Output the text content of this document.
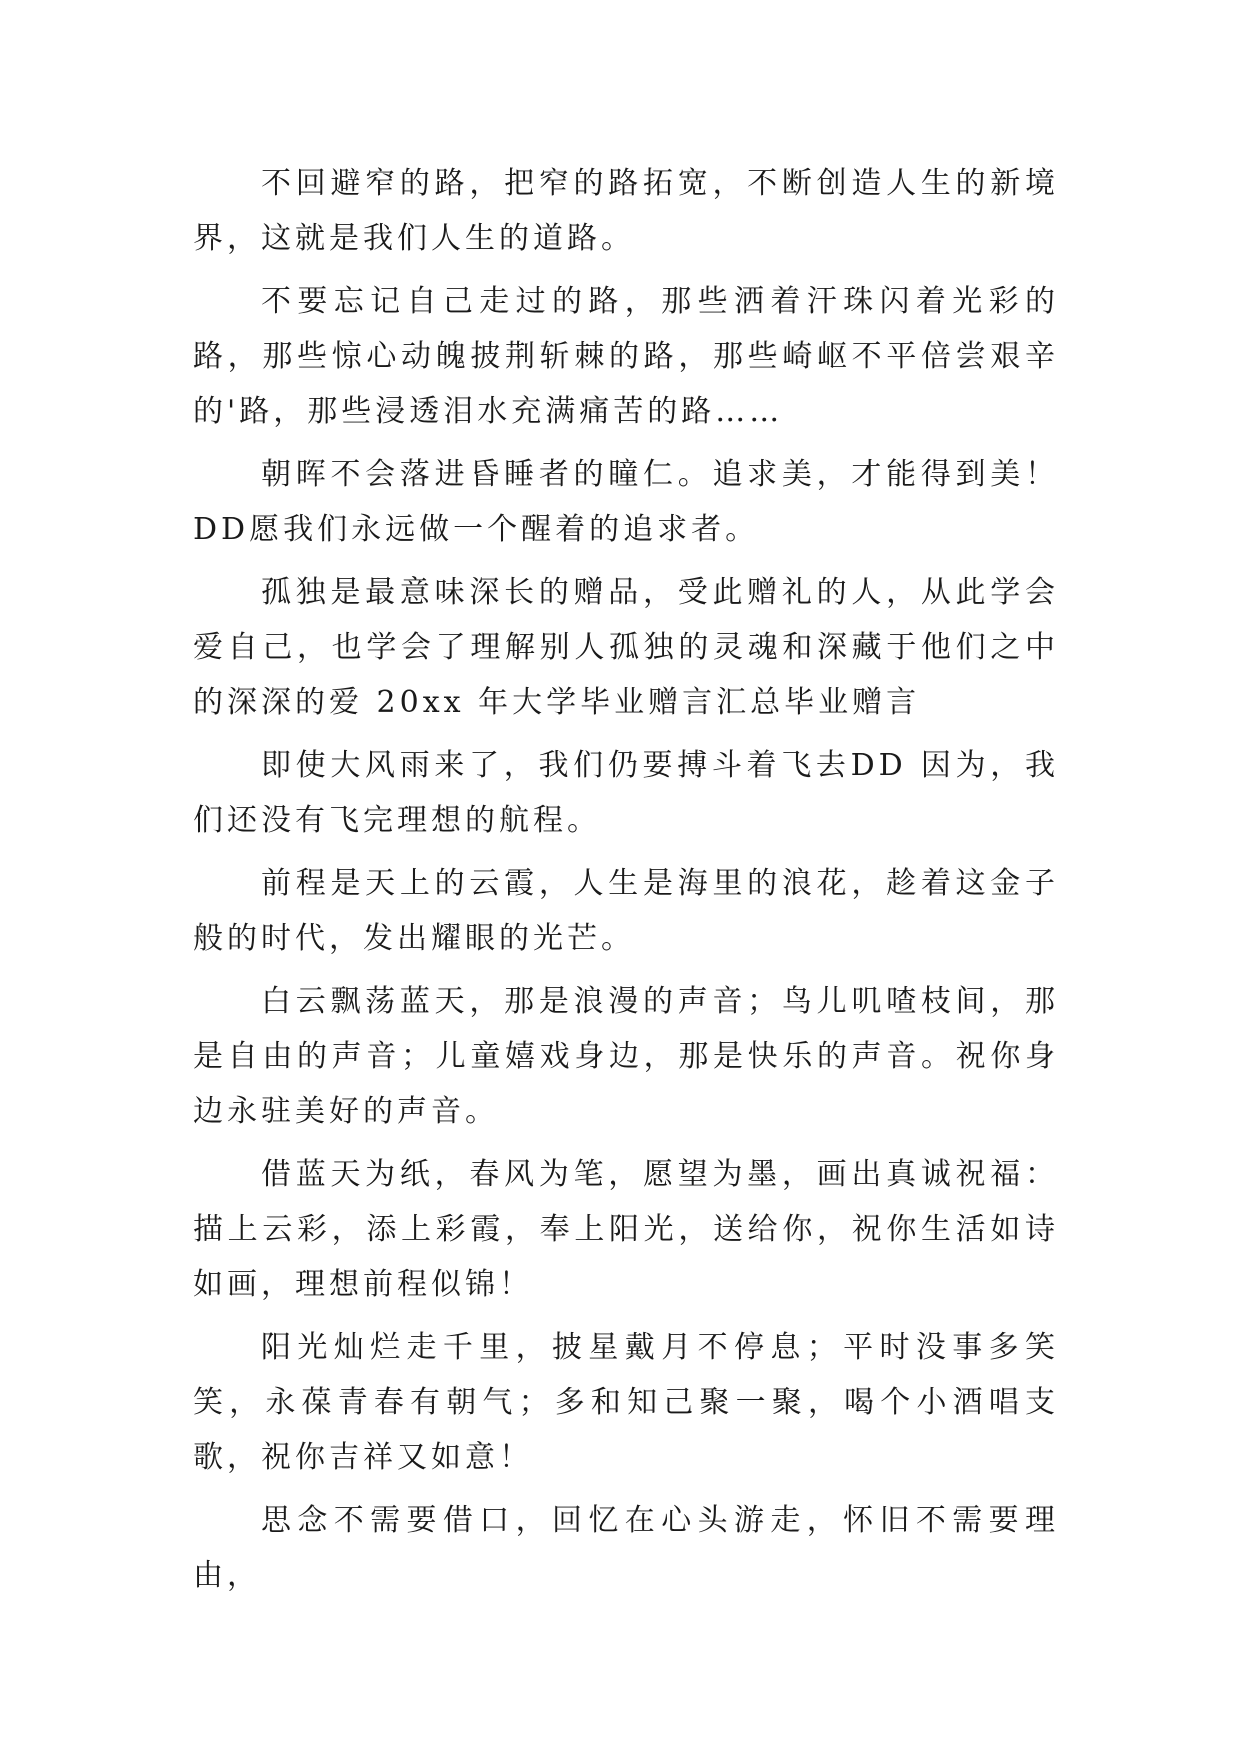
不回避窄的路，把窄的路拓宽，不断创造人生的新境界，这就是我们人生的道路。

不要忘记自己走过的路，那些洒着汗珠闪着光彩的路，那些惊心动魄披荆斩棘的路，那些崎岖不平倍尝艰辛的'路，那些浸透泪水充满痛苦的路……

朝晖不会落进昏睡者的瞳仁。追求美，才能得到美！DD愿我们永远做一个醒着的追求者。

孤独是最意味深长的赠品，受此赠礼的人，从此学会爱自己，也学会了理解别人孤独的灵魂和深藏于他们之中的深深的爱 20xx 年大学毕业赠言汇总毕业赠言

即使大风雨来了，我们仍要搏斗着飞去DD 因为，我们还没有飞完理想的航程。

前程是天上的云霞，人生是海里的浪花，趁着这金子般的时代，发出耀眼的光芒。

白云飘荡蓝天，那是浪漫的声音；鸟儿叽喳枝间，那是自由的声音；儿童嬉戏身边，那是快乐的声音。祝你身边永驻美好的声音。

借蓝天为纸，春风为笔，愿望为墨，画出真诚祝福：描上云彩，添上彩霞，奉上阳光，送给你，祝你生活如诗如画，理想前程似锦！

阳光灿烂走千里，披星戴月不停息；平时没事多笑笑，永葆青春有朝气；多和知己聚一聚，喝个小酒唱支歌，祝你吉祥又如意！

思念不需要借口，回忆在心头游走，怀旧不需要理由，
